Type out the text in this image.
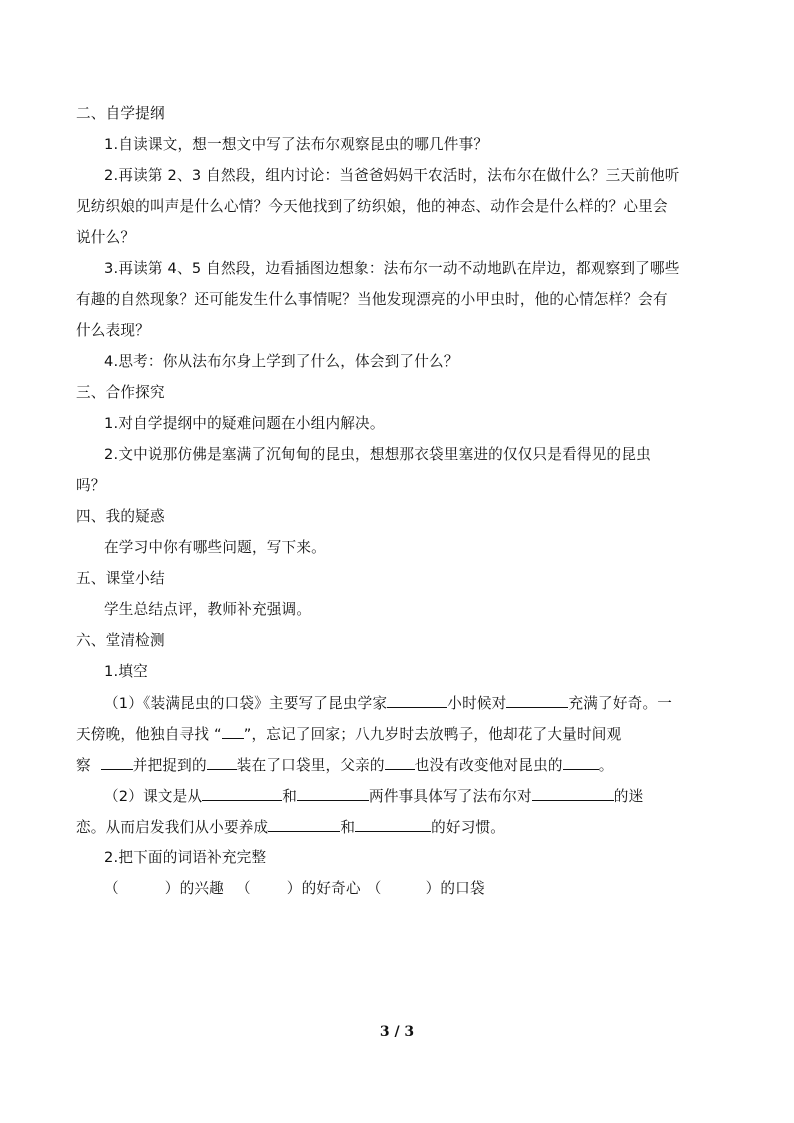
二、自学提纲
1.自读课文，想一想文中写了法布尔观察昆虫的哪几件事？
2.再读第 2、3 自然段，组内讨论：当爸爸妈妈干农活时，法布尔在做什么？三天前他听
见纺织娘的叫声是什么心情？今天他找到了纺织娘，他的神态、动作会是什么样的？心里会
说什么？
3.再读第 4、5 自然段，边看插图边想象：法布尔一动不动地趴在岸边，都观察到了哪些
有趣的自然现象？还可能发生什么事情呢？当他发现漂亮的小甲虫时，他的心情怎样？会有
什么表现？
4.思考：你从法布尔身上学到了什么，体会到了什么？
三、合作探究
1.对自学提纲中的疑难问题在小组内解决。
2.文中说那仿佛是塞满了沉甸甸的昆虫，想想那衣袋里塞进的仅仅只是看得见的昆虫
吗？
四、我的疑惑
在学习中你有哪些问题，写下来。
五、课堂小结
学生总结点评，教师补充强调。
六、堂清检测
1.填空
（1）《装满昆虫的口袋》主要写了昆虫学家	小时候对	充满了好奇。一
天傍晚，他独自寻找 “ ”，忘记了回家；八九岁时去放鸭子，他却花了大量时间观
察	并把捉到的 装在了口袋里，父亲的 也没有改变他对昆虫的 。
（2）课文是从	和	两件事具体写了法布尔对	的迷
恋。从而启发我们从小要养成	和	的好习惯。
2.把下面的词语补充完整
（	）的兴趣 （ ）的好奇心 （	）的口袋
3 / 3
